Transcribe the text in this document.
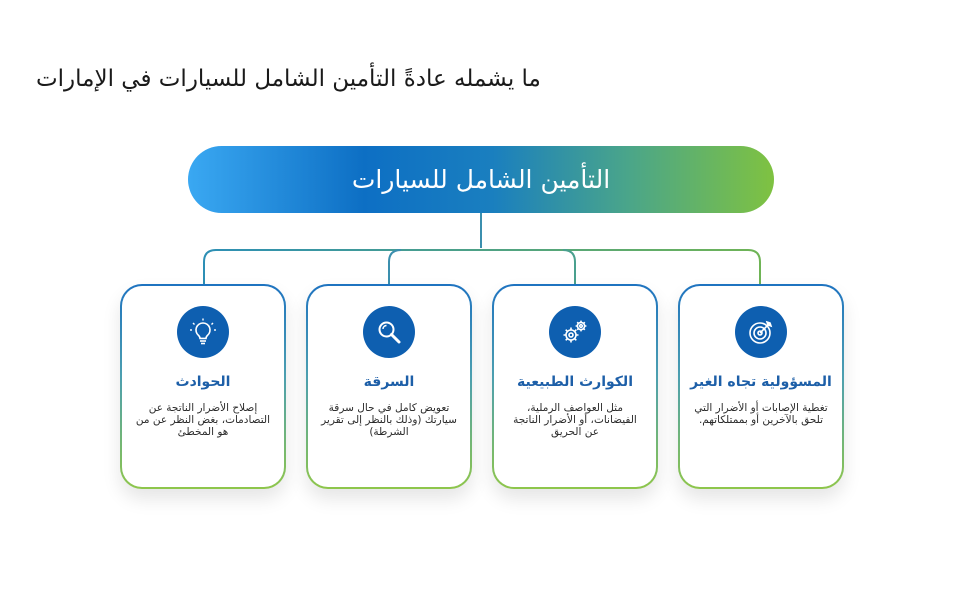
ما يشمله عادةً التأمين الشامل للسيارات في الإمارات
التأمين الشامل للسيارات
الحوادث
إصلاح الأضرار الناتجة عن التصادمات، بغض النظر عن من هو المخطئ
السرقة
تعويض كامل في حال سرقة سيارتك (وذلك بالنظر إلى تقرير الشرطة)
الكوارث الطبيعية
مثل العواصف الرملية، الفيضانات، أو الأضرار الناتجة عن الحريق
المسؤولية تجاه الغير
تغطية الإصابات أو الأضرار التي تلحق بالآخرين أو بممتلكاتهم.
